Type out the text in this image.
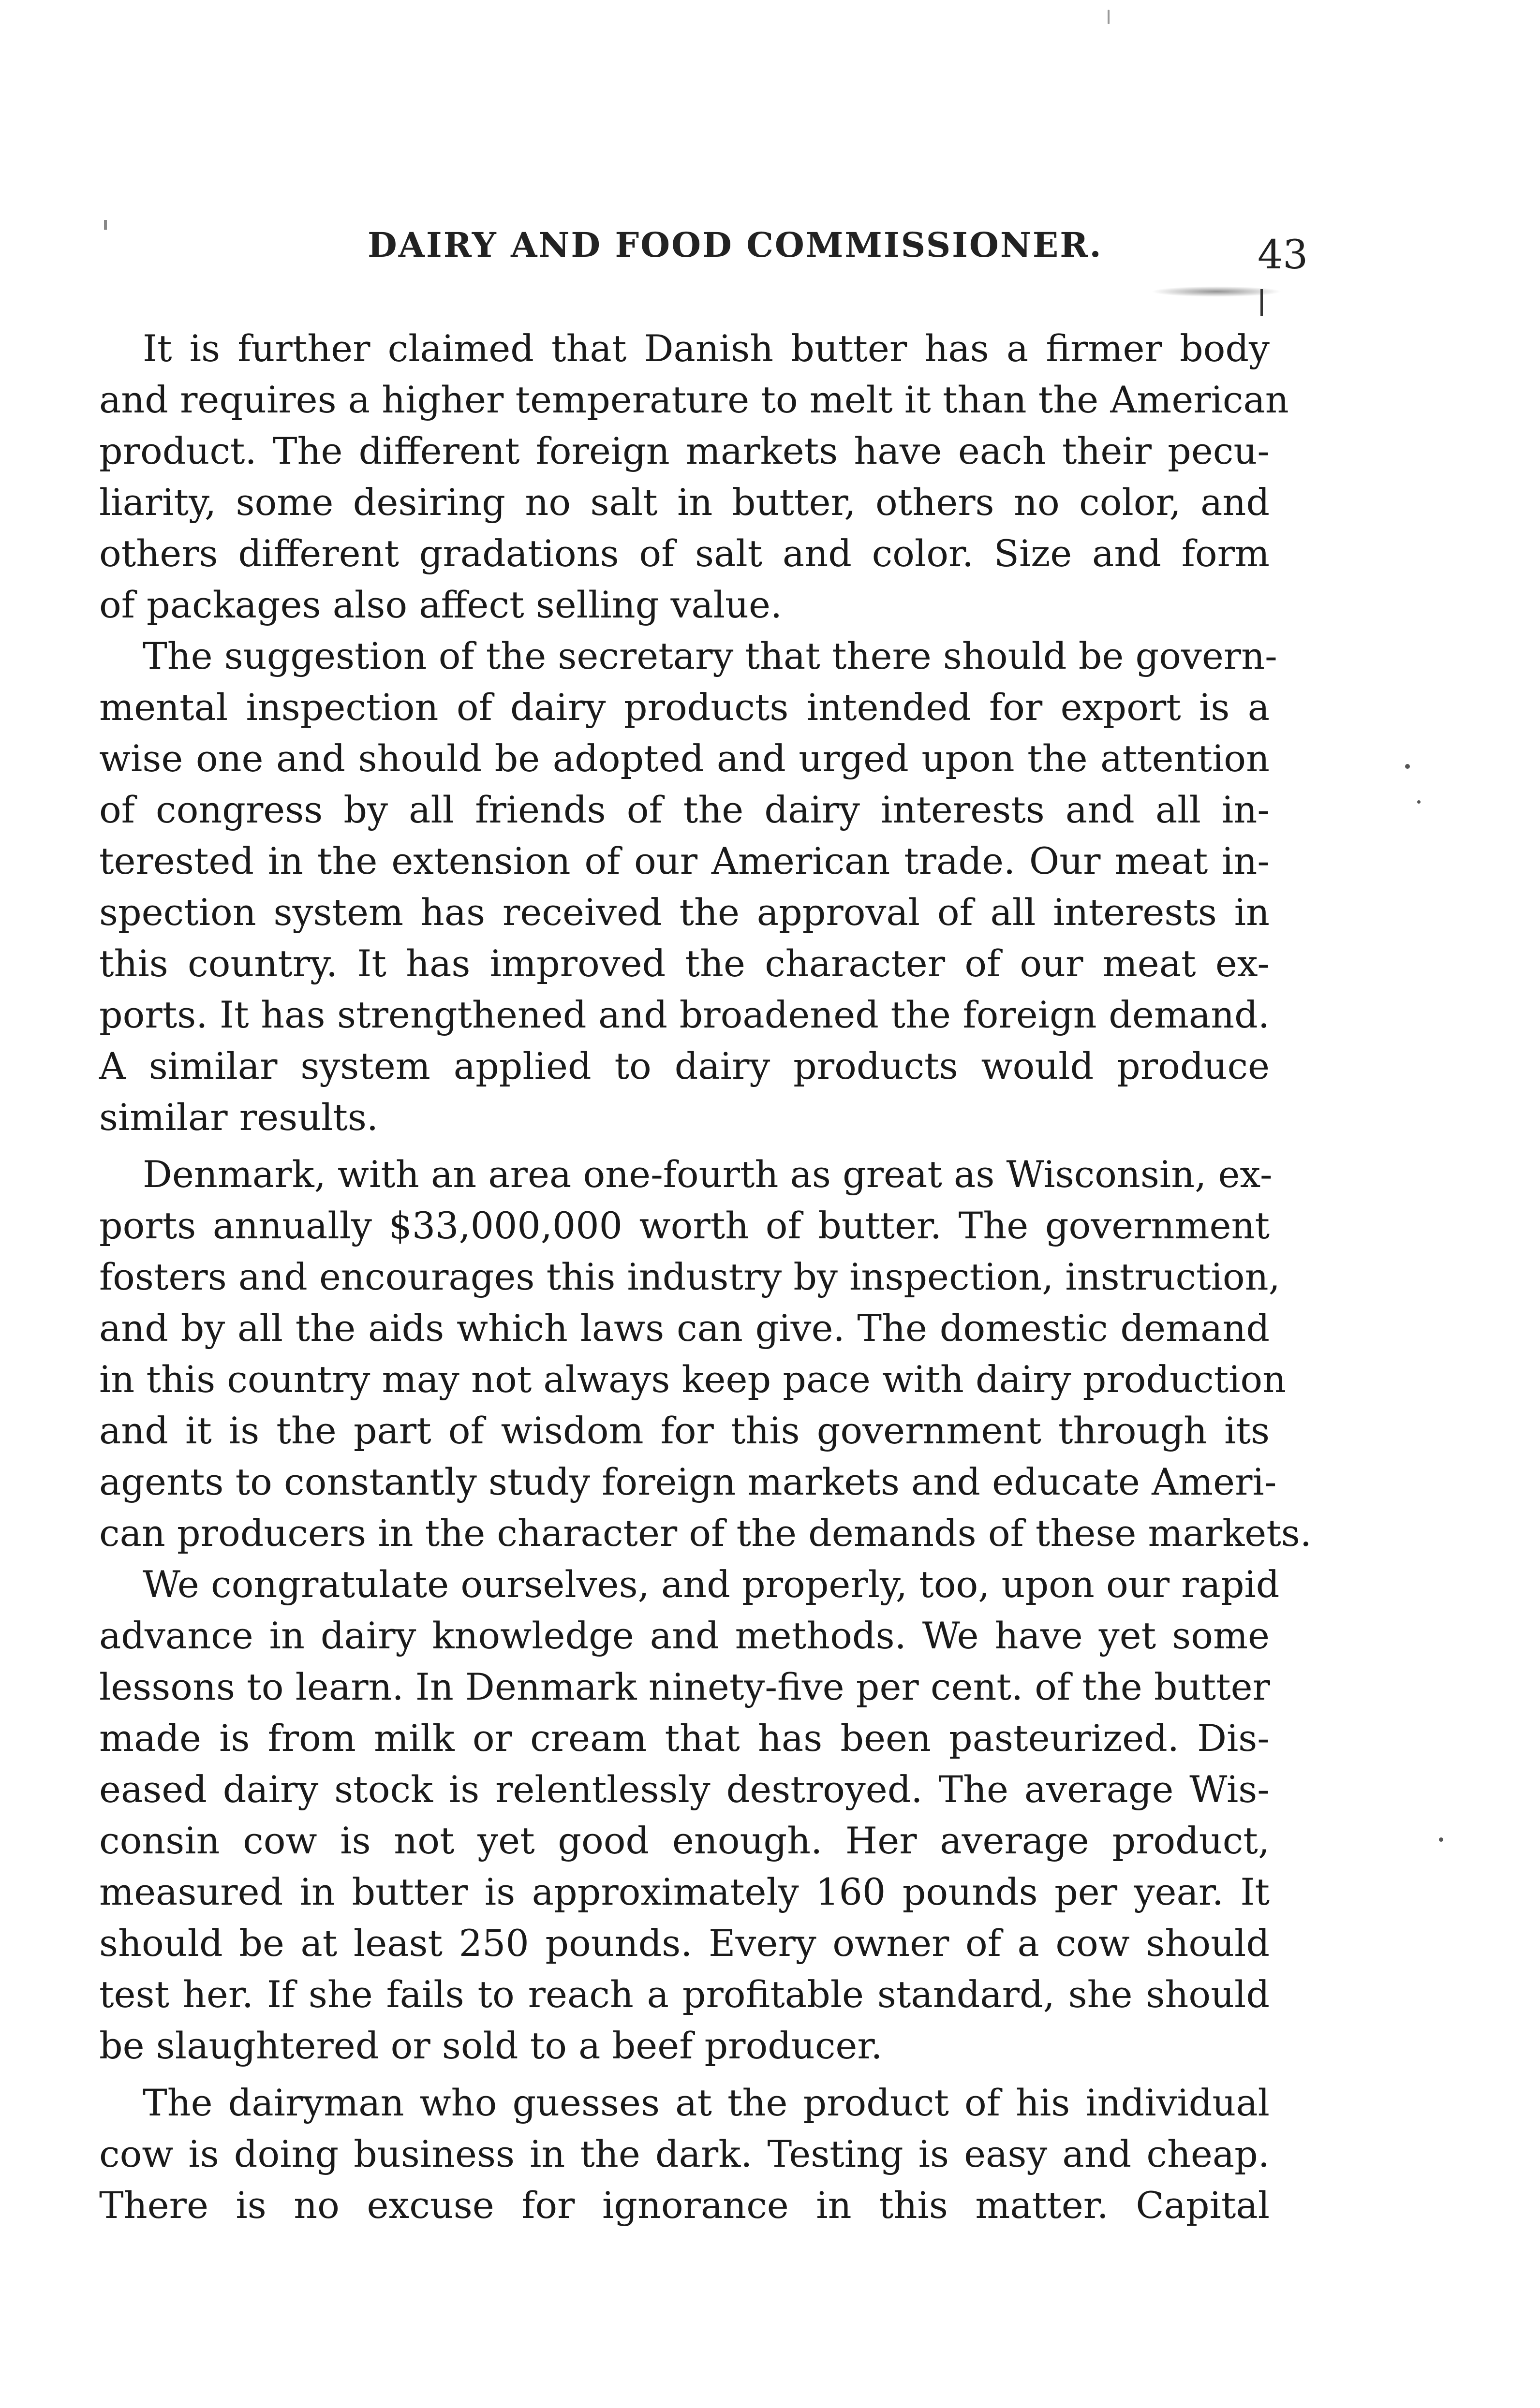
DAIRY AND FOOD COMMISSIONER.	43
It is further claimed that Danish butter has a firmer body
and requires a higher temperature to melt it than the American
product. The different foreign markets have each their pecu-
liarity, some desiring no salt in butter, others no color, and
others different gradations of salt and color. Size and form
of packages also affect selling value.
The suggestion of the secretary that there should be govern-
mental inspection of dairy products intended for export is a
wise one and should be adopted and urged upon the attention
of congress by all friends of the dairy interests and all in-
terested in the extension of our American trade. Our meat in-
spection system has received the approval of all interests in
this country. It has improved the character of our meat ex-
ports. It has strengthened and broadened the foreign demand.
A similar system applied to dairy products would produce
similar results.
Denmark, with an area one-fourth as great as Wisconsin, ex-
ports annually $33,000,000 worth of butter. The government
fosters and encourages this industry by inspection, instruction,
and by all the aids which laws can give. The domestic demand
in this country may not always keep pace with dairy production
and it is the part of wisdom for this government through its
agents to constantly study foreign markets and educate Ameri-
can producers in the character of the demands of these markets.
We congratulate ourselves, and properly, too, upon our rapid
advance in dairy knowledge and methods. We have yet some
lessons to learn. In Denmark ninety-five per cent. of the butter
made is from milk or cream that has been pasteurized. Dis-
eased dairy stock is relentlessly destroyed. The average Wis-
consin cow is not yet good enough. Her average product,
measured in butter is approximately 160 pounds per year. It
should be at least 250 pounds. Every owner of a cow should
test her. If she fails to reach a profitable standard, she should
be slaughtered or sold to a beef producer.
The dairyman who guesses at the product of his individual
cow is doing business in the dark. Testing is easy and cheap.
There is no excuse for ignorance in this matter. Capital
